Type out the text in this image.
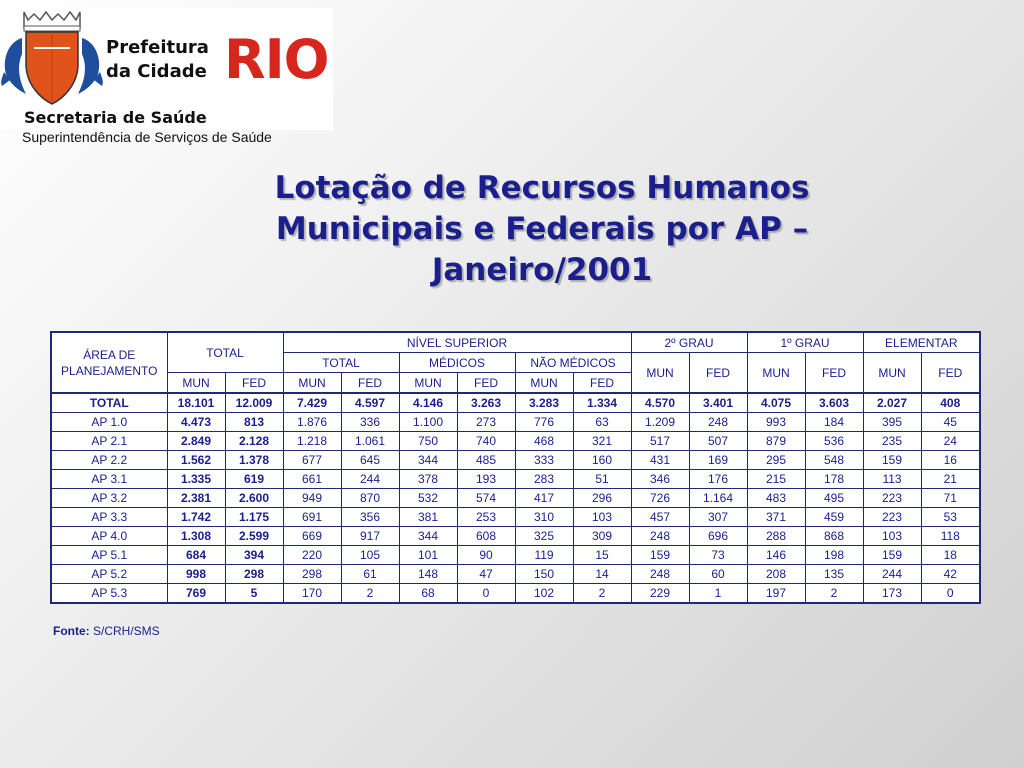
Prefeitura
da Cidade RIO
Secretaria de Saúde
Superintendência de Serviços de Saúde
Lotação de Recursos Humanos
Municipais e Federais por AP –
Janeiro/2001
ÁREA DE PLANEJAMENTO	TOTAL		NÍVEL SUPERIOR						2º GRAU		1º GRAU		ELEMENTAR	
			TOTAL		MÉDICOS		NÃO MÉDICOS		MUN	FED	MUN	FED	MUN	FED
	MUN	FED	MUN	FED	MUN	FED	MUN	FED						
TOTAL	18.101	12.009	7.429	4.597	4.146	3.263	3.283	1.334	4.570	3.401	4.075	3.603	2.027	408
AP 1.0	4.473	813	1.876	336	1.100	273	776	63	1.209	248	993	184	395	45
AP 2.1	2.849	2.128	1.218	1.061	750	740	468	321	517	507	879	536	235	24
AP 2.2	1.562	1.378	677	645	344	485	333	160	431	169	295	548	159	16
AP 3.1	1.335	619	661	244	378	193	283	51	346	176	215	178	113	21
AP 3.2	2.381	2.600	949	870	532	574	417	296	726	1.164	483	495	223	71
AP 3.3	1.742	1.175	691	356	381	253	310	103	457	307	371	459	223	53
AP 4.0	1.308	2.599	669	917	344	608	325	309	248	696	288	868	103	118
AP 5.1	684	394	220	105	101	90	119	15	159	73	146	198	159	18
AP 5.2	998	298	298	61	148	47	150	14	248	60	208	135	244	42
AP 5.3	769	5	170	2	68	0	102	2	229	1	197	2	173	0
Fonte: S/CRH/SMS
